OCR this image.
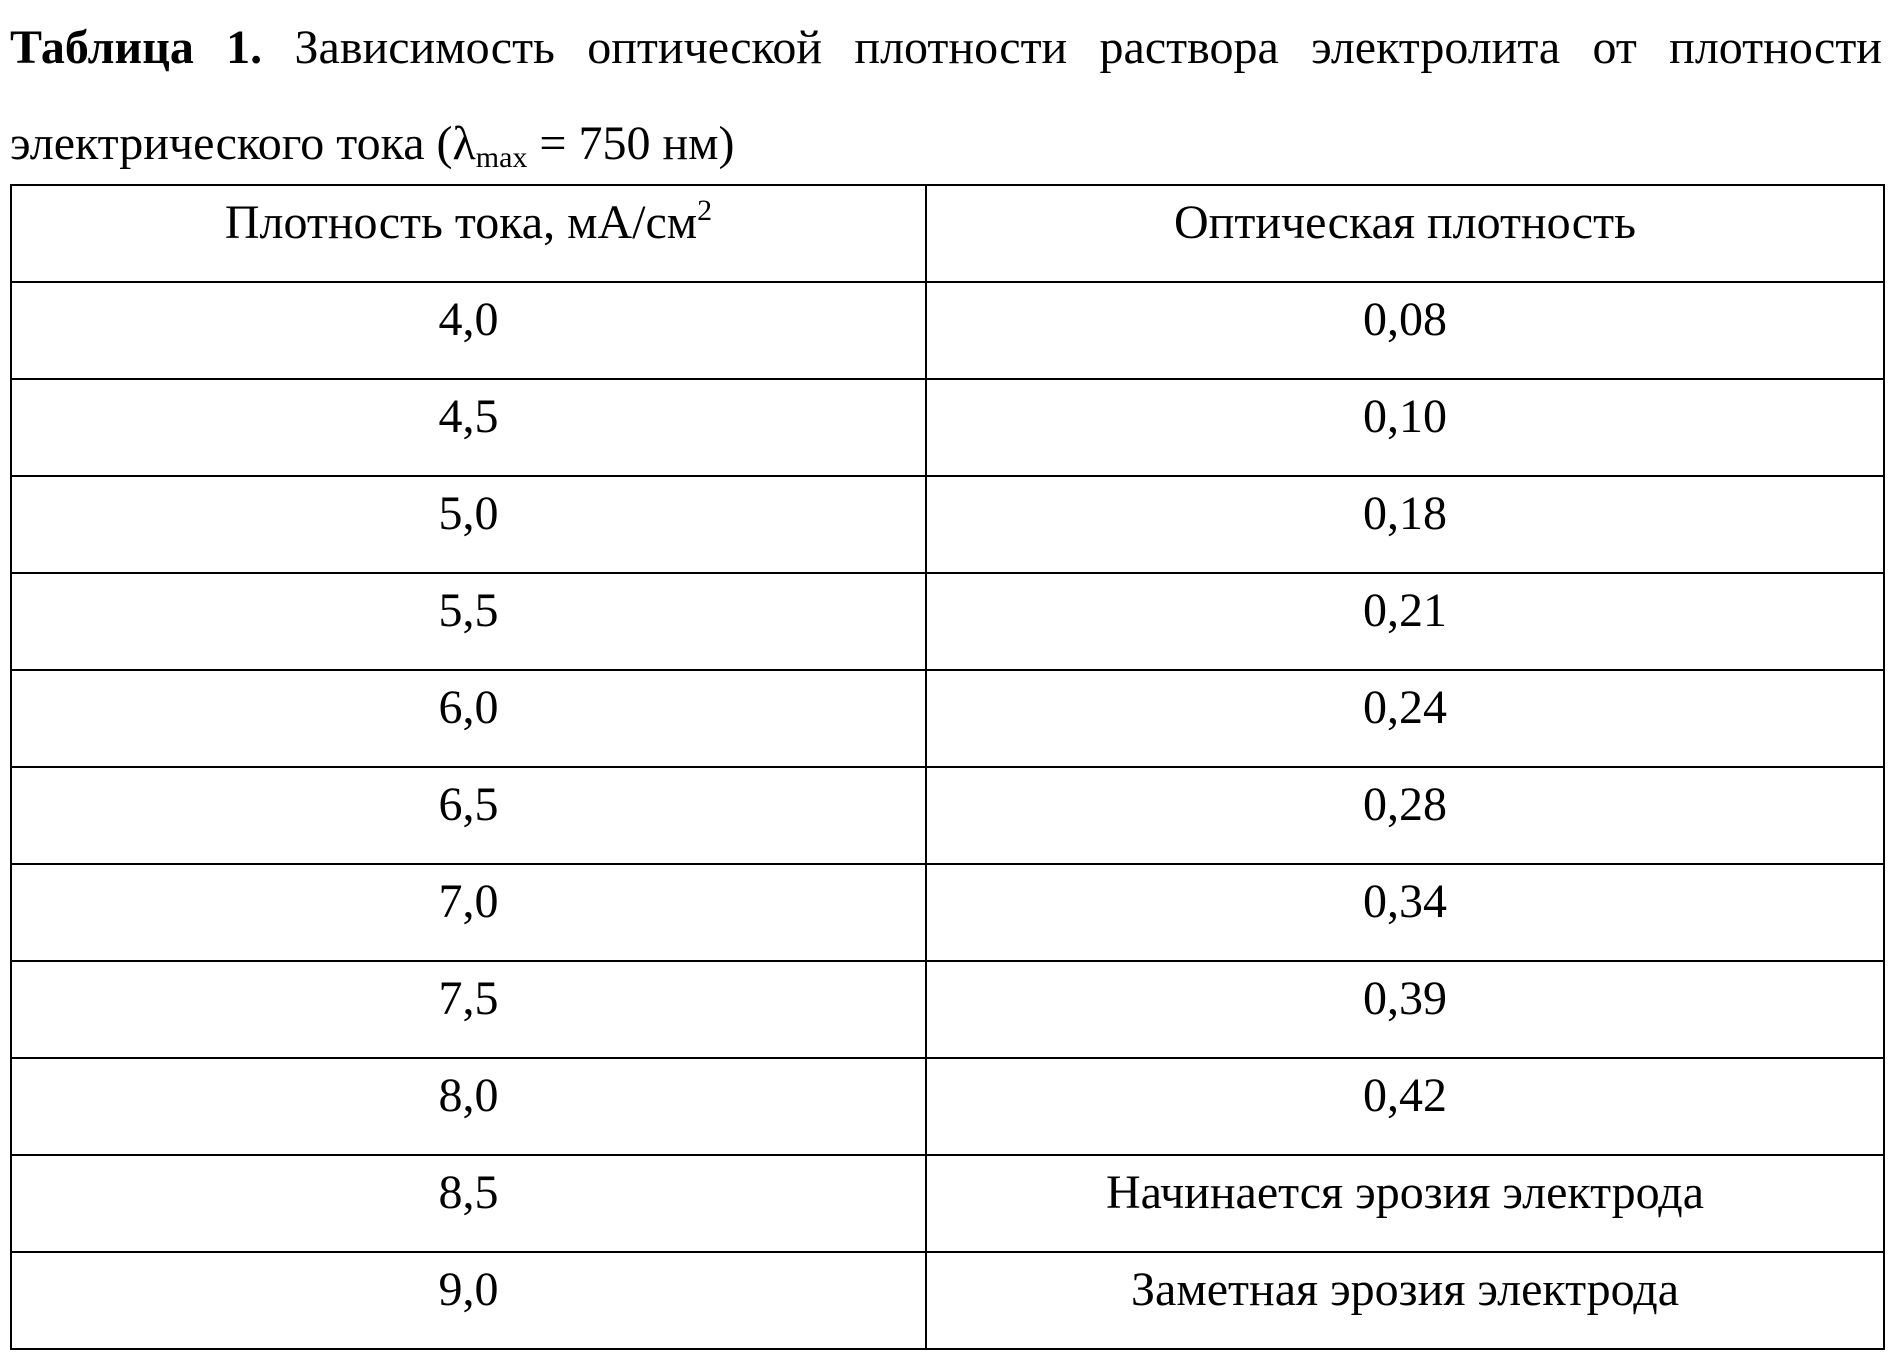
Таблица 1. Зависимость оптической плотности раствора электролита от плотности электрического тока ($\lambda_{max} = 750$ нм)
Плотность тока, $мА/см^2$	Оптическая плотность
4,0	0,08
4,5	0,10
5,0	0,18
5,5	0,21
6,0	0,24
6,5	0,28
7,0	0,34
7,5	0,39
8,0	0,42
8,5	Начинается эрозия электрода
9,0	Заметная эрозия электрода
